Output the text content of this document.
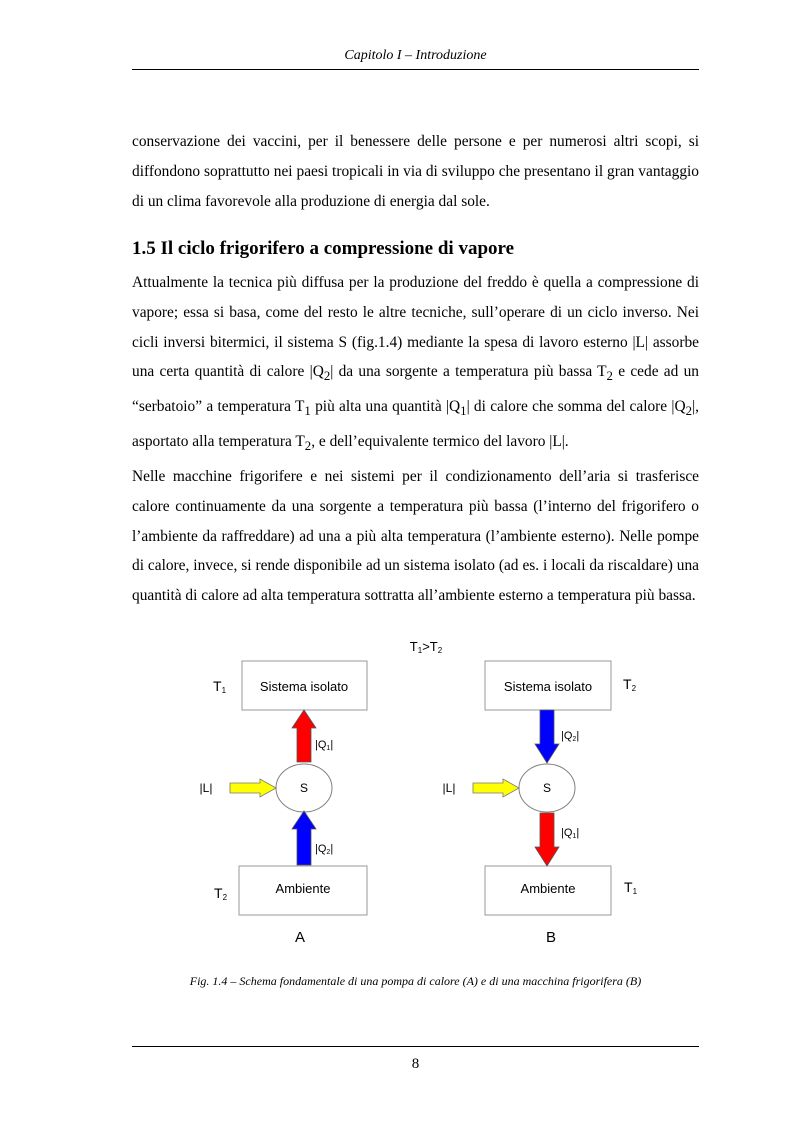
Capitolo I – Introduzione

conservazione dei vaccini, per il benessere delle persone e per numerosi altri scopi, si diffondono soprattutto nei paesi tropicali in via di sviluppo che presentano il gran vantaggio di un clima favorevole alla produzione di energia dal sole.

1.5 Il ciclo frigorifero a compressione di vapore

Attualmente la tecnica più diffusa per la produzione del freddo è quella a compressione di vapore; essa si basa, come del resto le altre tecniche, sull’operare di un ciclo inverso. Nei cicli inversi bitermici, il sistema S (fig.1.4) mediante la spesa di lavoro esterno |L| assorbe una certa quantità di calore $|Q_2|$ da una sorgente a temperatura più bassa $T_2$ e cede ad un “serbatoio” a temperatura $T_1$ più alta una quantità $|Q_1|$ di calore che somma del calore $|Q_2|$, asportato alla temperatura $T_2$, e dell’equivalente termico del lavoro |L|.

Nelle macchine frigorifere e nei sistemi per il condizionamento dell’aria si trasferisce calore continuamente da una sorgente a temperatura più bassa (l’interno del frigorifero o l’ambiente da raffreddare) ad una a più alta temperatura (l’ambiente esterno). Nelle pompe di calore, invece, si rende disponibile ad un sistema isolato (ad es. i locali da riscaldare) una quantità di calore ad alta temperatura sottratta all’ambiente esterno a temperatura più bassa.

T1>T2
Sistema isolato
Ambiente
S
|Q1|
|Q2|
|L|
T1
T2
A
Sistema isolato
Ambiente
S
|Q2|
|Q1|
|L|
T2
T1
B
Fig. 1.4 – Schema fondamentale di una pompa di calore (A) e di una macchina frigorifera (B)
8
